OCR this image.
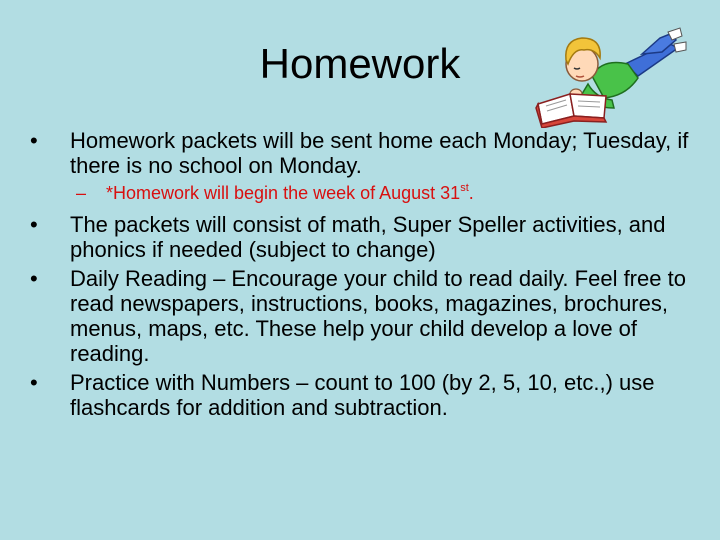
Homework
•	Homework packets will be sent home each Monday; Tuesday, if there is no school on Monday.
– *Homework will begin the week of August 31st.
•	The packets will consist of math, Super Speller activities, and phonics if needed (subject to change)
•	Daily Reading – Encourage your child to read daily. Feel free to read newspapers, instructions, books, magazines, brochures, menus, maps, etc. These help your child develop a love of reading.
•	Practice with Numbers – count to 100 (by 2, 5, 10, etc.,) use flashcards for addition and subtraction.
